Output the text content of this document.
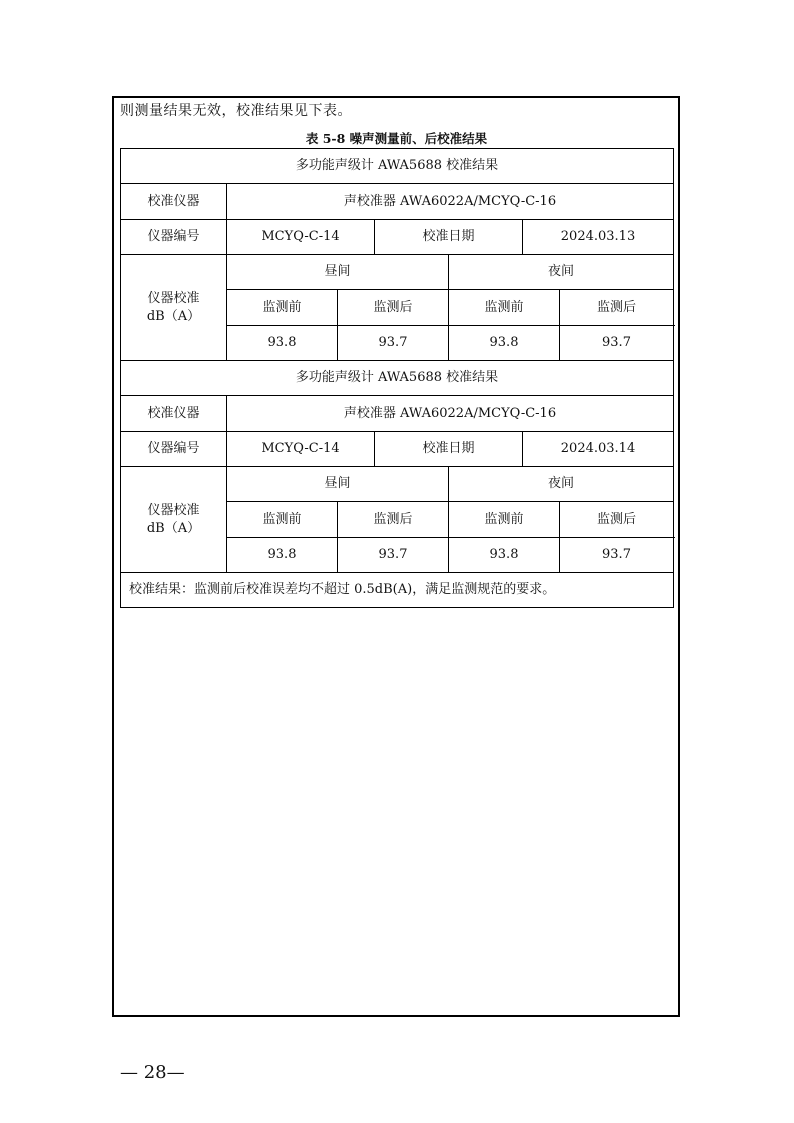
则测量结果无效，校准结果见下表。
表 5-8 噪声测量前、后校准结果
多功能声级计 AWA5688 校准结果						
校准仪器	声校准器 AWA6022A/MCYQ-C-16					
仪器编号	MCYQ-C-14		校准日期		2024.03.13	

仪器校准
dB（A）	昼间			夜间		
	监测前	监测后		监测前		监测后
	93.8	93.7		93.8		93.7
多功能声级计 AWA5688 校准结果						
校准仪器	声校准器 AWA6022A/MCYQ-C-16					
仪器编号	MCYQ-C-14		校准日期		2024.03.14	

仪器校准
dB（A）	昼间			夜间		
	监测前	监测后		监测前		监测后
	93.8	93.7		93.8		93.7
校准结果：监测前后校准误差均不超过 0.5dB(A)，满足监测规范的要求。						
— 28—
